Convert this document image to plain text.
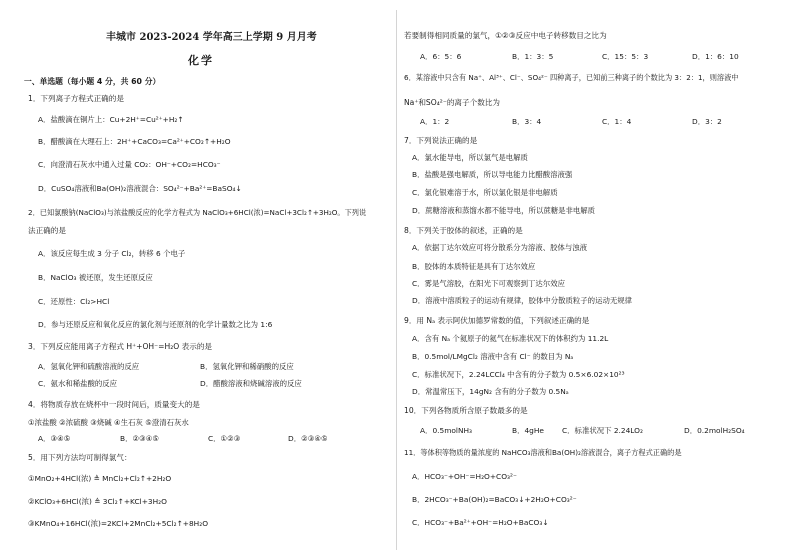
丰城市 2023-2024 学年高三上学期 9 月月考
化学
一、单选题（每小题 4 分，共 60 分）
1．下列离子方程式正确的是
A．盐酸滴在铜片上：Cu+2H⁺=Cu²⁺+H₂↑
B．醋酸滴在大理石上：2H⁺+CaCO₃=Ca²⁺+CO₂↑+H₂O
C．向澄清石灰水中通入过量 CO₂：OH⁻+CO₂=HCO₃⁻
D．CuSO₄溶液和Ba(OH)₂溶液混合：SO₄²⁻+Ba²⁺=BaSO₄↓
2．已知氯酸钠(NaClO₃)与浓盐酸反应的化学方程式为 NaClO₃+6HCl(浓)=NaCl+3Cl₂↑+3H₂O。下列说
法正确的是
A．该反应每生成 3 分子 Cl₂，转移 6 个电子
B．NaClO₃ 被还原，发生还原反应
C．还原性：Cl₂>HCl
D．参与还原反应和氧化反应的氯化剂与还原剂的化学计量数之比为 1:6
3．下列反应能用离子方程式 H⁺+OH⁻=H₂O 表示的是
A．氢氧化钾和硫酸溶液的反应	B．氢氧化钾和稀硝酸的反应
C．氨水和稀盐酸的反应	D．醋酸溶液和烧碱溶液的反应
4．将物质存放在烧杯中一段时间后，质量变大的是
①浓盐酸 ②浓硫酸 ③烧碱 ④生石灰 ⑤澄清石灰水
A．③④⑤	B．②③④⑤	C．①②③	D．②③④⑤
5．用下列方法均可制得氯气：
①MnO₂+4HCl(浓) ≜ MnCl₂+Cl₂↑+2H₂O
②KClO₃+6HCl(浓) ≜ 3Cl₂↑+KCl+3H₂O
③KMnO₄+16HCl(浓)=2KCl+2MnCl₂+5Cl₂↑+8H₂O
若要制得相同质量的氯气，①②③反应中电子转移数目之比为
A．6：5：6	B．1：3：5	C．15：5：3	D．1：6：10
6．某溶液中只含有 Na⁺、Al³⁺、Cl⁻、SO₄²⁻ 四种离子，已知前三种离子的个数比为 3：2：1，则溶液中
Na⁺和SO₄²⁻的离子个数比为
A．1：2	B．3：4	C．1：4	D．3：2
7．下列说法正确的是
A．氯水能导电，所以氯气是电解质
B．盐酸是强电解质，所以导电能力比醋酸溶液强
C．氯化银难溶于水，所以氯化银是非电解质
D．蔗糖溶液和蒸馏水都不能导电，所以蔗糖是非电解质
8．下列关于胶体的叙述，正确的是
A．依据丁达尔效应可将分散系分为溶液、胶体与浊液
B．胶体的本质特征是具有丁达尔效应
C．雾是气溶胶，在阳光下可观察到丁达尔效应
D．溶液中溶质粒子的运动有规律，胶体中分散质粒子的运动无规律
9．用 Nₐ 表示阿伏加德罗常数的值，下列叙述正确的是
A．含有 Nₐ 个氦原子的氦气在标准状况下的体积约为 11.2L
B．0.5mol/LMgCl₂ 溶液中含有 Cl⁻ 的数目为 Nₐ
C．标准状况下，2.24LCCl₄ 中含有的分子数为 0.5×6.02×10²³
D．常温常压下，14gN₂ 含有的分子数为 0.5Nₐ
10．下列各物质所含原子数最多的是
A．0.5molNH₃	B．4gHe C．标准状况下 2.24LO₂	D．0.2molH₂SO₄
11．等体积等物质的量浓度的 NaHCO₃溶液和Ba(OH)₂溶液混合，离子方程式正确的是
A．HCO₃⁻+OH⁻=H₂O+CO₃²⁻
B．2HCO₃⁻+Ba(OH)₂=BaCO₃↓+2H₂O+CO₃²⁻
C．HCO₃⁻+Ba²⁺+OH⁻=H₂O+BaCO₃↓
